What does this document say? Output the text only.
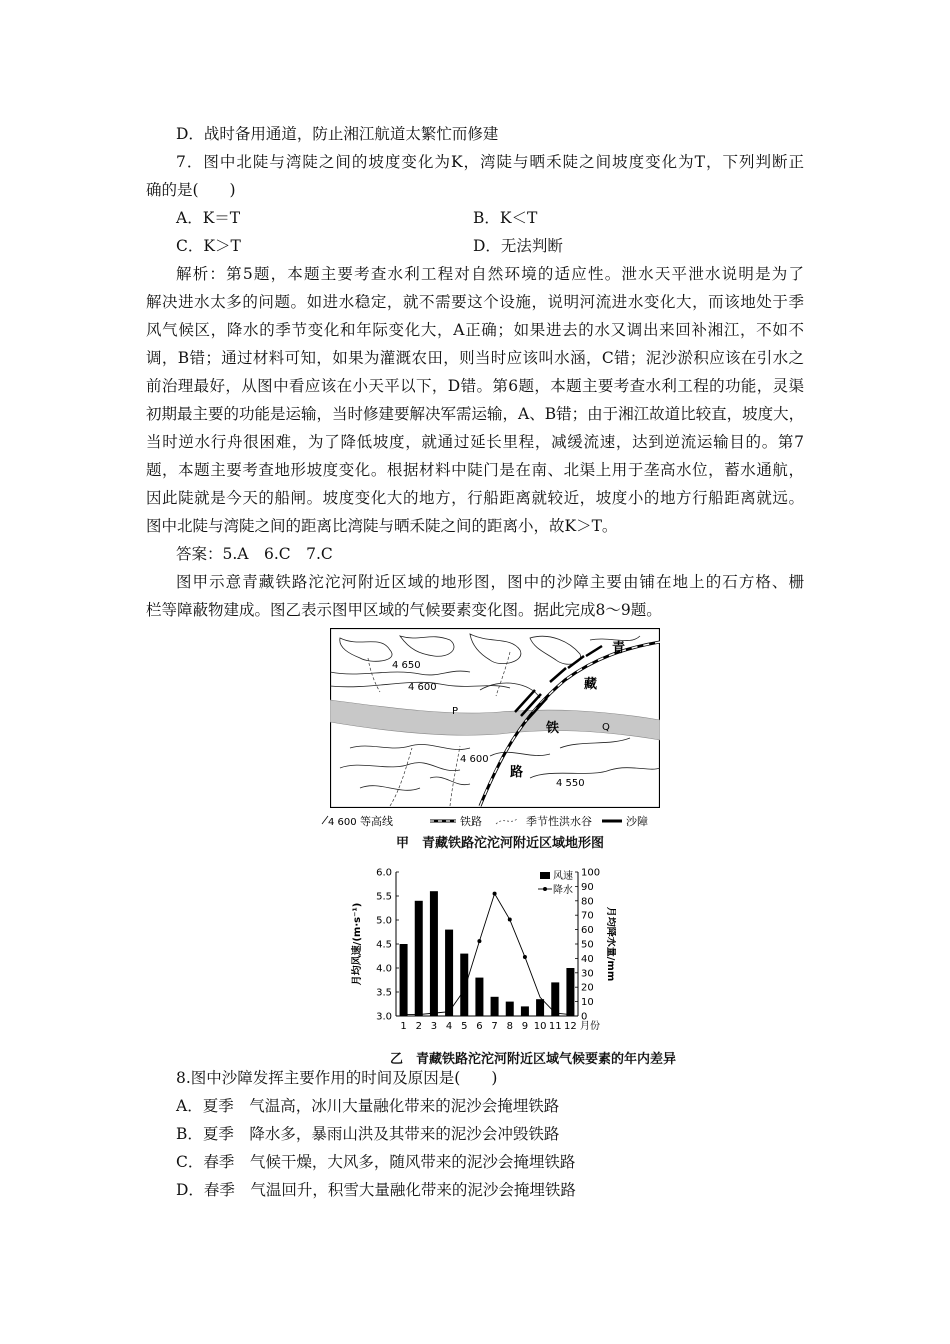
D．战时备用通道，防止湘江航道太繁忙而修建
7．图中北陡与湾陡之间的坡度变化为K，湾陡与晒禾陡之间坡度变化为T，下列判断正
确的是(　　)
A．K＝T	B．K＜T
C．K＞T	D．无法判断
解析：第5题，本题主要考查水利工程对自然环境的适应性。泄水天平泄水说明是为了
解决进水太多的问题。如进水稳定，就不需要这个设施，说明河流进水变化大，而该地处于季
风气候区，降水的季节变化和年际变化大，A正确；如果进去的水又调出来回补湘江，不如不
调，B错；通过材料可知，如果为灌溉农田，则当时应该叫水涵，C错；泥沙淤积应该在引水之
前治理最好，从图中看应该在小天平以下，D错。第6题，本题主要考查水利工程的功能，灵渠
初期最主要的功能是运输，当时修建要解决军需运输，A、B错；由于湘江故道比较直，坡度大，
当时逆水行舟很困难，为了降低坡度，就通过延长里程，减缓流速，达到逆流运输目的。第7
题，本题主要考查地形坡度变化。根据材料中陡门是在南、北渠上用于垄高水位，蓄水通航，
因此陡就是今天的船闸。坡度变化大的地方，行船距离就较近，坡度小的地方行船距离就远。
图中北陡与湾陡之间的距离比湾陡与晒禾陡之间的距离小，故K＞T。
答案：5.A　6.C　7.C
图甲示意青藏铁路沱沱河附近区域的地形图，图中的沙障主要由铺在地上的石方格、栅
栏等障蔽物建成。图乙表示图甲区域的气候要素变化图。据此完成8～9题。
4 650
4 600
4 600
4 550
P
Q
青
藏
铁
路
4 600 等高线	铁路	季节性洪水谷	沙障
甲　青藏铁路沱沱河附近区域地形图
3.0
3.5
4.0
4.5
5.0
5.5
6.0
0
10
20
30
40
50
60
70
80
90
100
1 2 3 4 5 6 7 8 9 10 11 12 月份
月均风速/(m·s⁻¹)	月均降水量/mm
风速
降水
乙　青藏铁路沱沱河附近区域气候要素的年内差异
8.图中沙障发挥主要作用的时间及原因是(　　)
A．夏季　气温高，冰川大量融化带来的泥沙会掩埋铁路
B．夏季　降水多，暴雨山洪及其带来的泥沙会冲毁铁路
C．春季　气候干燥，大风多，随风带来的泥沙会掩埋铁路
D．春季　气温回升，积雪大量融化带来的泥沙会掩埋铁路
